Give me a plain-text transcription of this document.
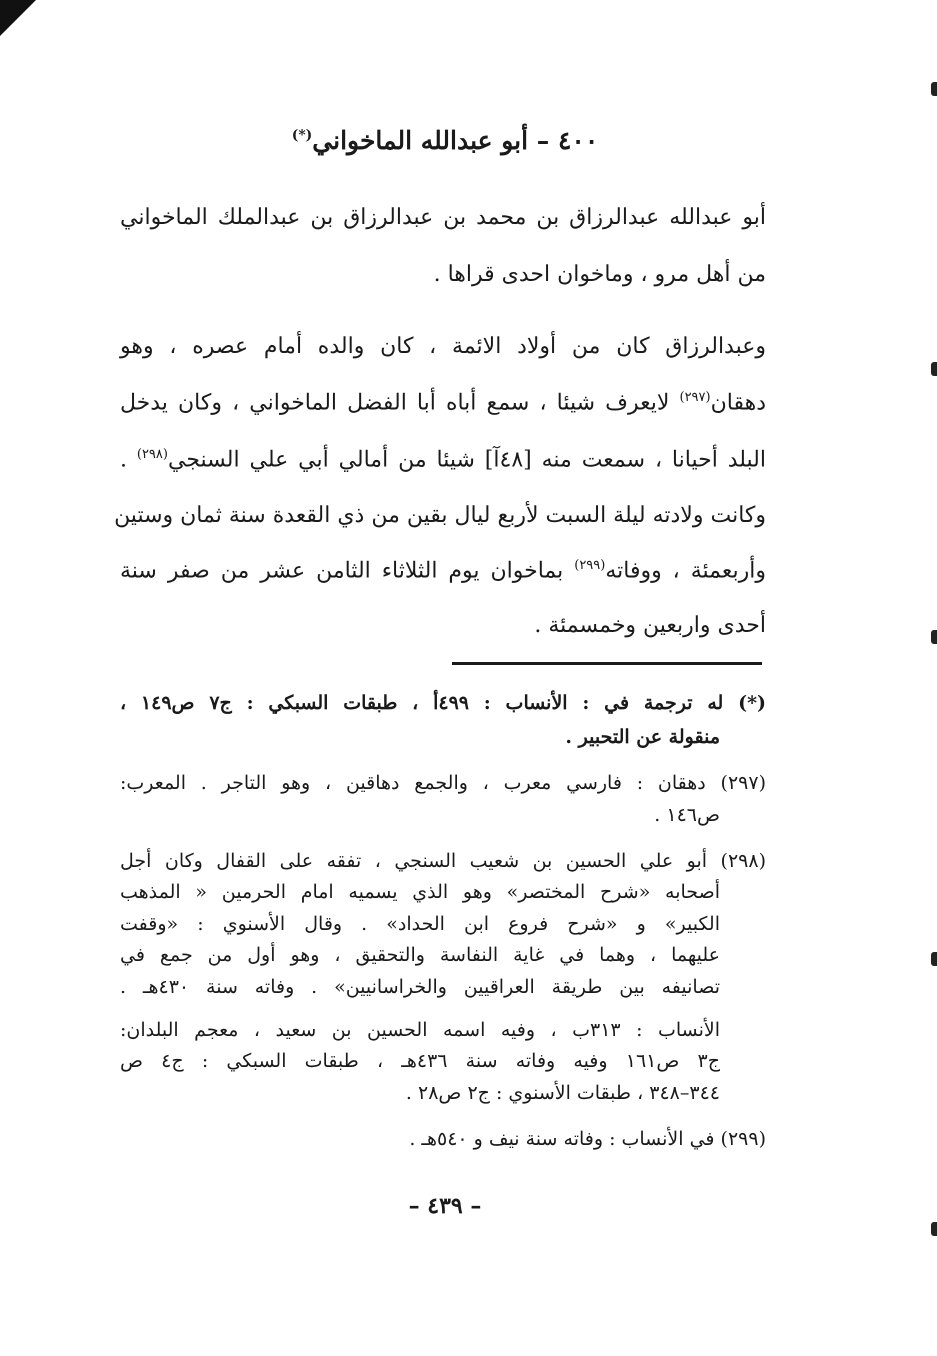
٤٠٠ – أبو عبدالله الماخواني(*)
أبو عبدالله عبدالرزاق بن محمد بن عبدالرزاق بن عبدالملك الماخواني
من أهل مرو ، وماخوان احدى قراها .
وعبدالرزاق كان من أولاد الائمة ، كان والده أمام عصره ، وهو
دهقان$^{(٢٩٧)}$ لايعرف شيئا ، سمع أباه أبا الفضل الماخواني ، وكان يدخل
البلد أحيانا ، سمعت منه [٤٨آ] شيئا من أمالي أبي علي السنجي$^{(٢٩٨)}$ .
وكانت ولادته ليلة السبت لأربع ليال بقين من ذي القعدة سنة ثمان وستين
وأربعمئة ، ووفاته$^{(٢٩٩)}$ بماخوان يوم الثلاثاء الثامن عشر من صفر سنة
أحدى واربعين وخمسمئة .
(*) له ترجمة في : الأنساب : ٤٩٩أ ، طبقات السبكي : ج٧ ص١٤٩ ،
منقولة عن التحبير .
(٢٩٧) دهقان : فارسي معرب ، والجمع دهاقين ، وهو التاجر . المعرب:
ص١٤٦ .
(٢٩٨) أبو علي الحسين بن شعيب السنجي ، تفقه على القفال وكان أجل
أصحابه «شرح المختصر» وهو الذي يسميه امام الحرمين « المذهب
الكبير» و «شرح فروع ابن الحداد» . وقال الأسنوي : «وقفت
عليهما ، وهما في غاية النفاسة والتحقيق ، وهو أول من جمع في
تصانيفه بين طريقة العراقيين والخراسانيين» . وفاته سنة ٤٣٠هـ .
الأنساب : ٣١٣ب ، وفيه اسمه الحسين بن سعيد ، معجم البلدان:
ج٣ ص١٦١ وفيه وفاته سنة ٤٣٦هـ ، طبقات السبكي : ج٤ ص
٣٤٤–٣٤٨ ، طبقات الأسنوي : ج٢ ص٢٨ .
(٢٩٩) في الأنساب : وفاته سنة نيف و ٥٤٠هـ .
– ٤٣٩ –
